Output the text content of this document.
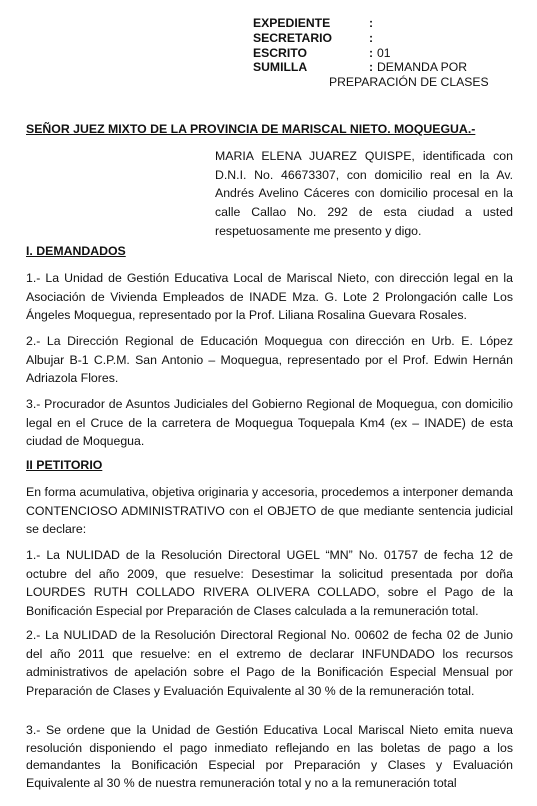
EXPEDIENTE	:
SECRETARIO	:
ESCRITO	: 01
SUMILLA	: DEMANDA POR
PREPARACIÓN DE CLASES
SEÑOR JUEZ MIXTO DE LA PROVINCIA DE MARISCAL NIETO. MOQUEGUA.-
MARIA ELENA JUAREZ QUISPE, identificada con D.N.I. No. 46673307, con domicilio real en la Av. Andrés Avelino Cáceres con domicilio procesal en la calle Callao No. 292 de esta ciudad a usted respetuosamente me presento y digo.
I. DEMANDADOS
1.- La Unidad de Gestión Educativa Local de Mariscal Nieto, con dirección legal en la Asociación de Vivienda Empleados de INADE Mza. G. Lote 2 Prolongación calle Los Ángeles Moquegua, representado por la Prof. Liliana Rosalina Guevara Rosales.
2.- La Dirección Regional de Educación Moquegua con dirección en Urb. E. López Albujar B-1 C.P.M. San Antonio – Moquegua, representado por el Prof. Edwin Hernán Adriazola Flores.
3.- Procurador de Asuntos Judiciales del Gobierno Regional de Moquegua, con domicilio legal en el Cruce de la carretera de Moquegua Toquepala Km4 (ex – INADE) de esta ciudad de Moquegua.
II PETITORIO
En forma acumulativa, objetiva originaria y accesoria, procedemos a interponer demanda CONTENCIOSO ADMINISTRATIVO con el OBJETO de que mediante sentencia judicial se declare:
1.- La NULIDAD de la Resolución Directoral UGEL “MN” No. 01757 de fecha 12 de octubre del año 2009, que resuelve: Desestimar la solicitud presentada por doña LOURDES RUTH COLLADO RIVERA OLIVERA COLLADO, sobre el Pago de la Bonificación Especial por Preparación de Clases calculada a la remuneración total.
2.- La NULIDAD de la Resolución Directoral Regional No. 00602 de fecha 02 de Junio del año 2011 que resuelve: en el extremo de declarar INFUNDADO los recursos administrativos de apelación sobre el Pago de la Bonificación Especial Mensual por Preparación de Clases y Evaluación Equivalente al 30 % de la remuneración total.
3.- Se ordene que la Unidad de Gestión Educativa Local Mariscal Nieto emita nueva resolución disponiendo el pago inmediato reflejando en las boletas de pago a los demandantes la Bonificación Especial por Preparación y Clases y Evaluación Equivalente al 30 % de nuestra remuneración total y no a la remuneración total
